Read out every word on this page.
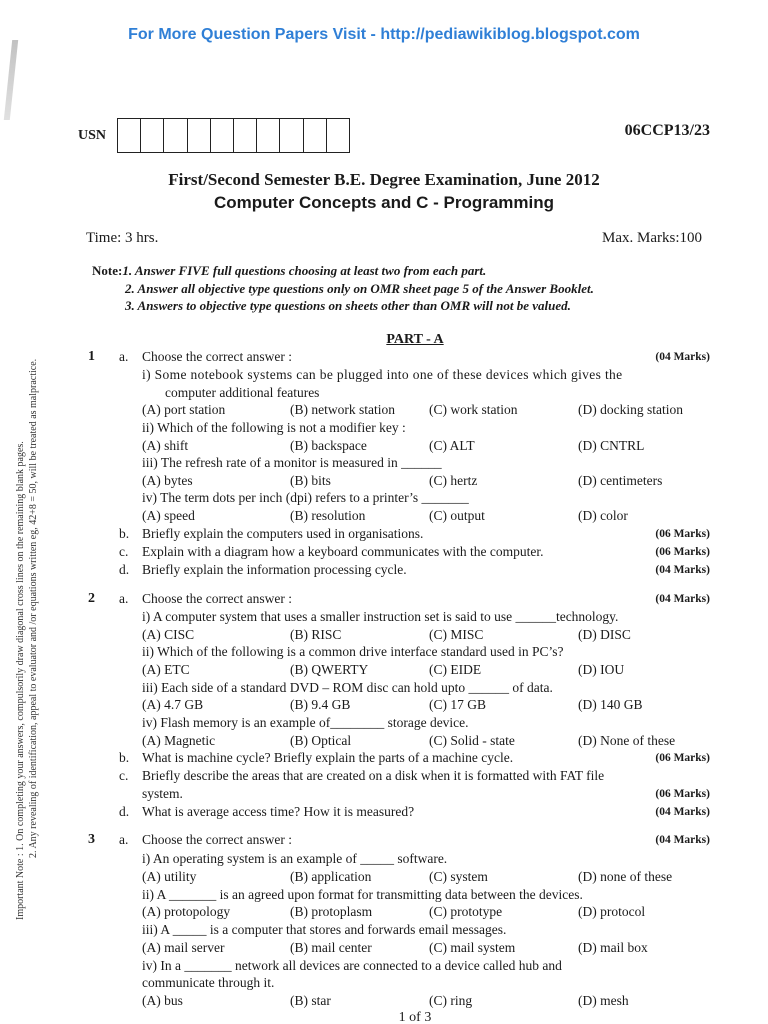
For More Question Papers Visit - http://pediawikiblog.blogspot.com
Important Note : 1. On completing your answers, compulsorily draw diagonal cross lines on the remaining blank pages. 2. Any revealing of identification, appeal to evaluator and /or equations written eg, 42+8 = 50, will be treated as malpractice.
USN	06CCP13/23
First/Second Semester B.E. Degree Examination, June 2012
Computer Concepts and C - Programming
Time: 3 hrs.	Max. Marks:100
Note:1. Answer FIVE full questions choosing at least two from each part.
2. Answer all objective type questions only on OMR sheet page 5 of the Answer Booklet.
3. Answers to objective type questions on sheets other than OMR will not be valued.
PART - A
1 a. Choose the correct answer :	(04 Marks)
i) Some notebook systems can be plugged into one of these devices which gives the
computer additional features
(A) port station	(B) network station	(C) work station	(D) docking station
ii) Which of the following is not a modifier key :
(A) shift	(B) backspace	(C) ALT	(D) CNTRL
iii) The refresh rate of a monitor is measured in ______
(A) bytes	(B) bits	(C) hertz	(D) centimeters
iv) The term dots per inch (dpi) refers to a printer’s _______
(A) speed	(B) resolution	(C) output	(D) color
b. Briefly explain the computers used in organisations.	(06 Marks)
c. Explain with a diagram how a keyboard communicates with the computer.	(06 Marks)
d. Briefly explain the information processing cycle.	(04 Marks)
2 a. Choose the correct answer :	(04 Marks)
i) A computer system that uses a smaller instruction set is said to use ______technology.
(A) CISC	(B) RISC	(C) MISC	(D) DISC
ii) Which of the following is a common drive interface standard used in PC’s?
(A) ETC	(B) QWERTY	(C) EIDE	(D) IOU
iii) Each side of a standard DVD – ROM disc can hold upto ______ of data.
(A) 4.7 GB	(B) 9.4 GB	(C) 17 GB	(D) 140 GB
iv) Flash memory is an example of________ storage device.
(A) Magnetic	(B) Optical	(C) Solid - state	(D) None of these
b. What is machine cycle? Briefly explain the parts of a machine cycle.	(06 Marks)
c. Briefly describe the areas that are created on a disk when it is formatted with FAT file
system.	(06 Marks)
d. What is average access time? How it is measured?	(04 Marks)
3 a. Choose the correct answer :	(04 Marks)
i) An operating system is an example of _____ software.
(A) utility	(B) application	(C) system	(D) none of these
ii) A _______ is an agreed upon format for transmitting data between the devices.
(A) protopology	(B) protoplasm	(C) prototype	(D) protocol
iii) A _____ is a computer that stores and forwards email messages.
(A) mail server	(B) mail center	(C) mail system	(D) mail box
iv) In a _______ network all devices are connected to a device called hub and
communicate through it.
(A) bus	(B) star	(C) ring	(D) mesh
1 of 3
